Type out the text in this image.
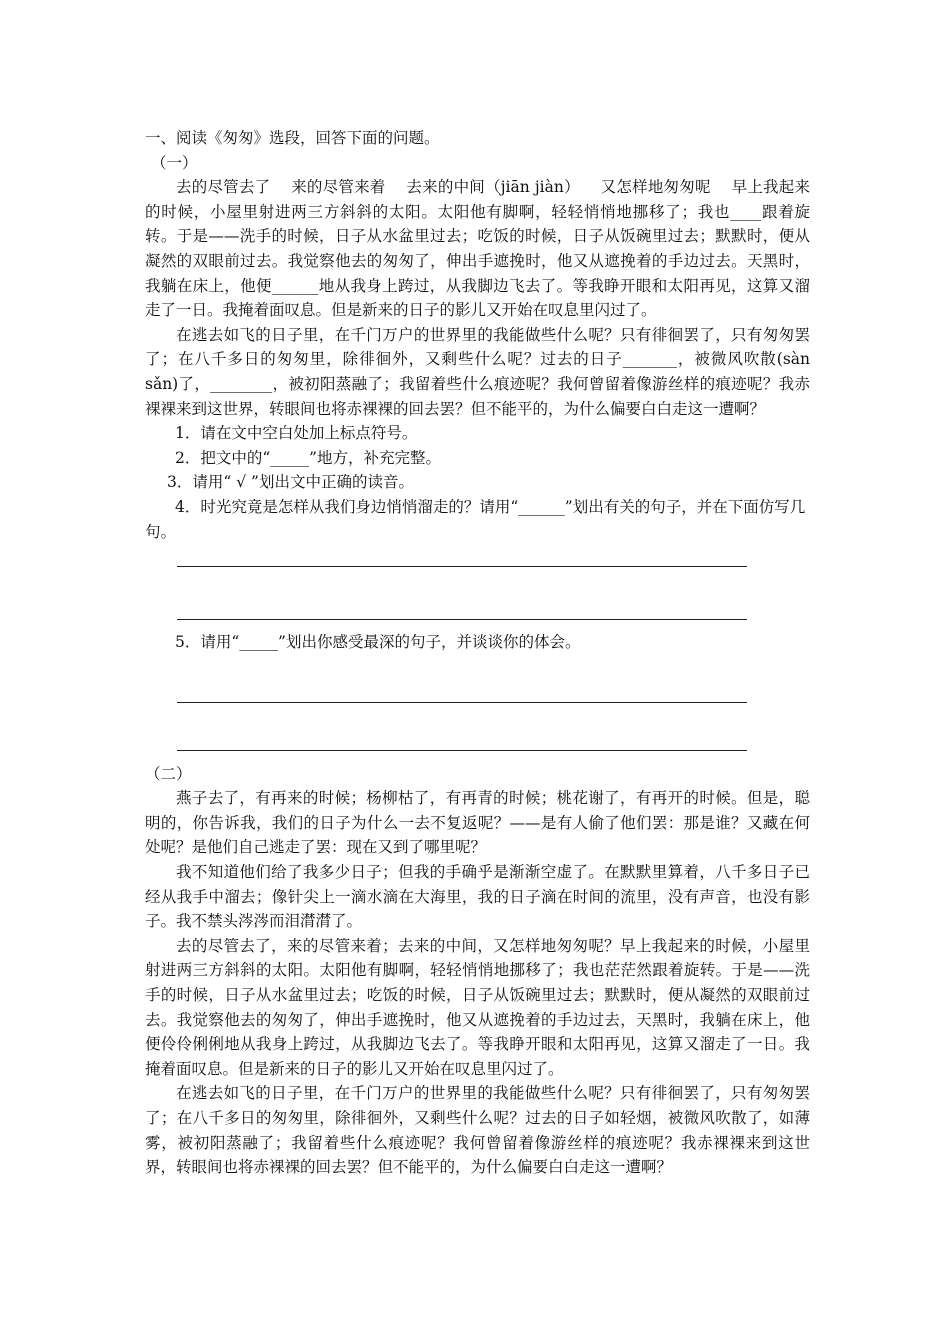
一、阅读《匆匆》选段，回答下面的问题。

（一）

去的尽管去了 　来的尽管来着 　去来的中间（jiān jiàn） 　又怎样地匆匆呢 　早上我起来的时候，小屋里射进两三方斜斜的太阳。太阳他有脚啊，轻轻悄悄地挪移了；我也____跟着旋转。于是——洗手的时候，日子从水盆里过去；吃饭的时候，日子从饭碗里过去；默默时，便从凝然的双眼前过去。我觉察他去的匆匆了，伸出手遮挽时，他又从遮挽着的手边过去。天黑时，我躺在床上，他便______地从我身上跨过，从我脚边飞去了。等我睁开眼和太阳再见，这算又溜走了一日。我掩着面叹息。但是新来的日子的影儿又开始在叹息里闪过了。

在逃去如飞的日子里，在千门万户的世界里的我能做些什么呢？只有徘徊罢了，只有匆匆罢了；在八千多日的匆匆里，除徘徊外，又剩些什么呢？过去的日子_______，被微风吹散(sàn sǎn)了，________，被初阳蒸融了；我留着些什么痕迹呢？我何曾留着像游丝样的痕迹呢？我赤裸裸来到这世界，转眼间也将赤裸裸的回去罢？但不能平的，为什么偏要白白走这一遭啊？

1．请在文中空白处加上标点符号。

2．把文中的“_____”地方，补充完整。

3．请用“ √ ”划出文中正确的读音。

4．时光究竟是怎样从我们身边悄悄溜走的？请用“______”划出有关的句子，并在下面仿写几句。

5．请用“_____”划出你感受最深的句子，并谈谈你的体会。

（二）

燕子去了，有再来的时候；杨柳枯了，有再青的时候；桃花谢了，有再开的时候。但是，聪明的，你告诉我，我们的日子为什么一去不复返呢？——是有人偷了他们罢：那是谁？又藏在何处呢？是他们自己逃走了罢：现在又到了哪里呢？

我不知道他们给了我多少日子；但我的手确乎是渐渐空虚了。在默默里算着，八千多日子已经从我手中溜去；像针尖上一滴水滴在大海里，我的日子滴在时间的流里，没有声音，也没有影子。我不禁头涔涔而泪潸潸了。

去的尽管去了，来的尽管来着；去来的中间，又怎样地匆匆呢？早上我起来的时候，小屋里射进两三方斜斜的太阳。太阳他有脚啊，轻轻悄悄地挪移了；我也茫茫然跟着旋转。于是——洗手的时候，日子从水盆里过去；吃饭的时候，日子从饭碗里过去；默默时，便从凝然的双眼前过去。我觉察他去的匆匆了，伸出手遮挽时，他又从遮挽着的手边过去，天黑时，我躺在床上，他便伶伶俐俐地从我身上跨过，从我脚边飞去了。等我睁开眼和太阳再见，这算又溜走了一日。我掩着面叹息。但是新来的日子的影儿又开始在叹息里闪过了。

在逃去如飞的日子里，在千门万户的世界里的我能做些什么呢？只有徘徊罢了，只有匆匆罢了；在八千多日的匆匆里，除徘徊外，又剩些什么呢？过去的日子如轻烟，被微风吹散了，如薄雾，被初阳蒸融了；我留着些什么痕迹呢？我何曾留着像游丝样的痕迹呢？我赤裸裸来到这世界，转眼间也将赤裸裸的回去罢？但不能平的，为什么偏要白白走这一遭啊？
